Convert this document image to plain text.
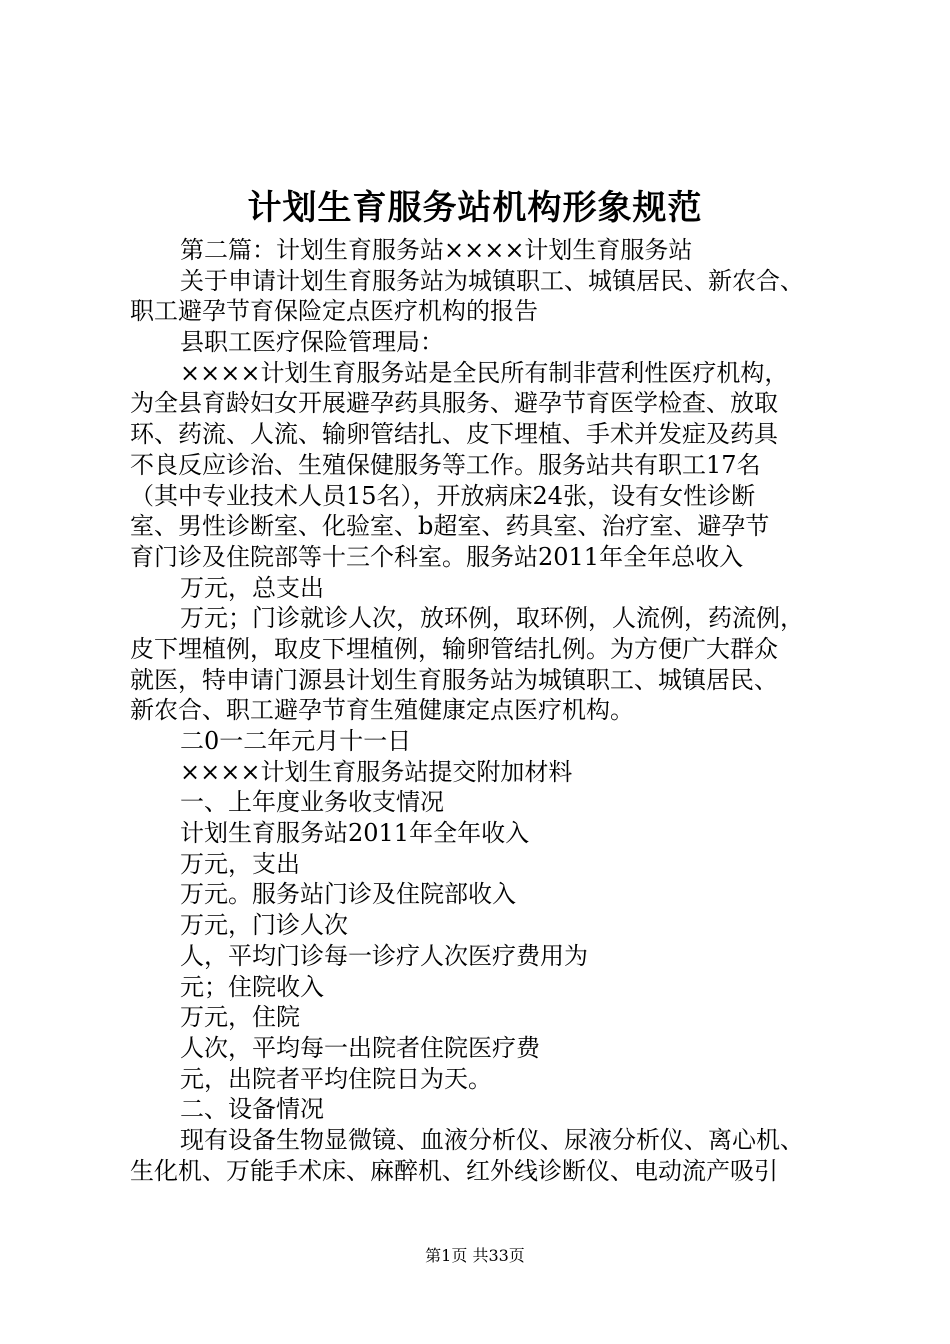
计划生育服务站机构形象规范
第二篇：计划生育服务站××××计划生育服务站
关于申请计划生育服务站为城镇职工、城镇居民、新农合、
职工避孕节育保险定点医疗机构的报告
县职工医疗保险管理局：
××××计划生育服务站是全民所有制非营利性医疗机构，
为全县育龄妇女开展避孕药具服务、避孕节育医学检查、放取
环、药流、人流、输卵管结扎、皮下埋植、手术并发症及药具
不良反应诊治、生殖保健服务等工作。服务站共有职工17名
（其中专业技术人员15名），开放病床24张，设有女性诊断
室、男性诊断室、化验室、b超室、药具室、治疗室、避孕节
育门诊及住院部等十三个科室。服务站2011年全年总收入
万元，总支出
万元；门诊就诊人次，放环例，取环例，人流例，药流例，
皮下埋植例，取皮下埋植例，输卵管结扎例。为方便广大群众
就医，特申请门源县计划生育服务站为城镇职工、城镇居民、
新农合、职工避孕节育生殖健康定点医疗机构。
二0一二年元月十一日
××××计划生育服务站提交附加材料
一、上年度业务收支情况
计划生育服务站2011年全年收入
万元，支出
万元。服务站门诊及住院部收入
万元，门诊人次
人，平均门诊每一诊疗人次医疗费用为
元；住院收入
万元，住院
人次，平均每一出院者住院医疗费
元，出院者平均住院日为天。
二、设备情况
现有设备生物显微镜、血液分析仪、尿液分析仪、离心机、
生化机、万能手术床、麻醉机、红外线诊断仪、电动流产吸引
第1页 共33页
